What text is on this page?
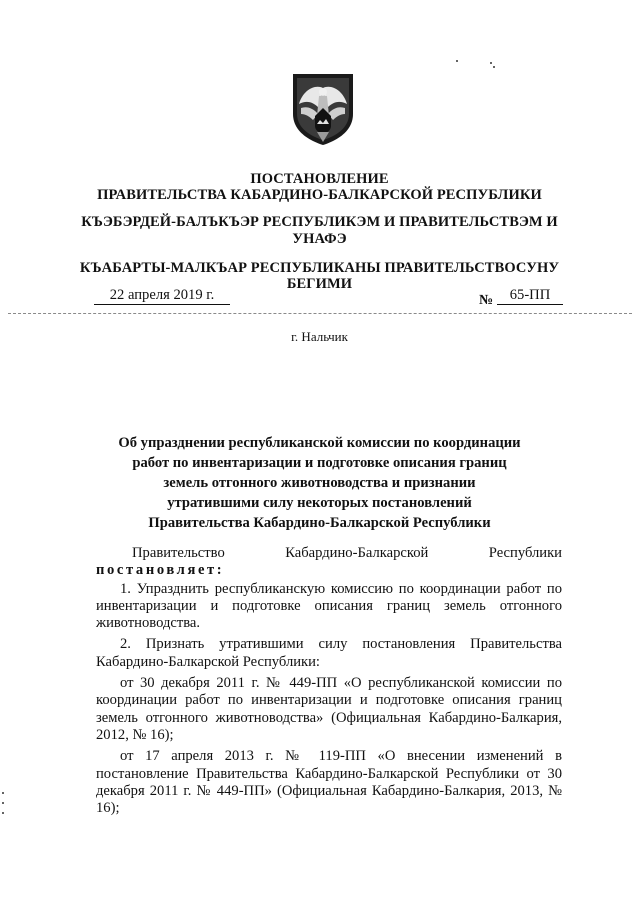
ПОСТАНОВЛЕНИЕ
ПРАВИТЕЛЬСТВА КАБАРДИНО-БАЛКАРСКОЙ РЕСПУБЛИКИ
КЪЭБЭРДЕЙ-БАЛЪКЪЭР РЕСПУБЛИКЭМ И ПРАВИТЕЛЬСТВЭМ И
УНАФЭ
КЪАБАРТЫ-МАЛКЪАР РЕСПУБЛИКАНЫ ПРАВИТЕЛЬСТВОСУНУ
БЕГИМИ
22 апреля 2019 г.	№	65-ПП
г. Нальчик
Об упразднении республиканской комиссии по координации
работ по инвентаризации и подготовке описания границ
земель отгонного животноводства и признании
утратившими силу некоторых постановлений
Правительства Кабардино-Балкарской Республики

Правительство	Кабардино-Балкарской	Республики

постановляет:

1. Упразднить республиканскую комиссию по координации работ по инвентаризации и подготовке описания границ земель отгонного животноводства.

2. Признать утратившими силу постановления Правительства Кабардино-Балкарской Республики:

от 30 декабря 2011 г. № 449-ПП «О республиканской комиссии по координации работ по инвентаризации и подготовке описания границ земель отгонного животноводства» (Официальная Кабардино-Балкария, 2012, № 16);

от 17 апреля 2013 г. № 119-ПП «О внесении изменений в постановление Правительства Кабардино-Балкарской Республики от 30 декабря 2011 г. № 449-ПП» (Официальная Кабардино-Балкария, 2013, № 16);
